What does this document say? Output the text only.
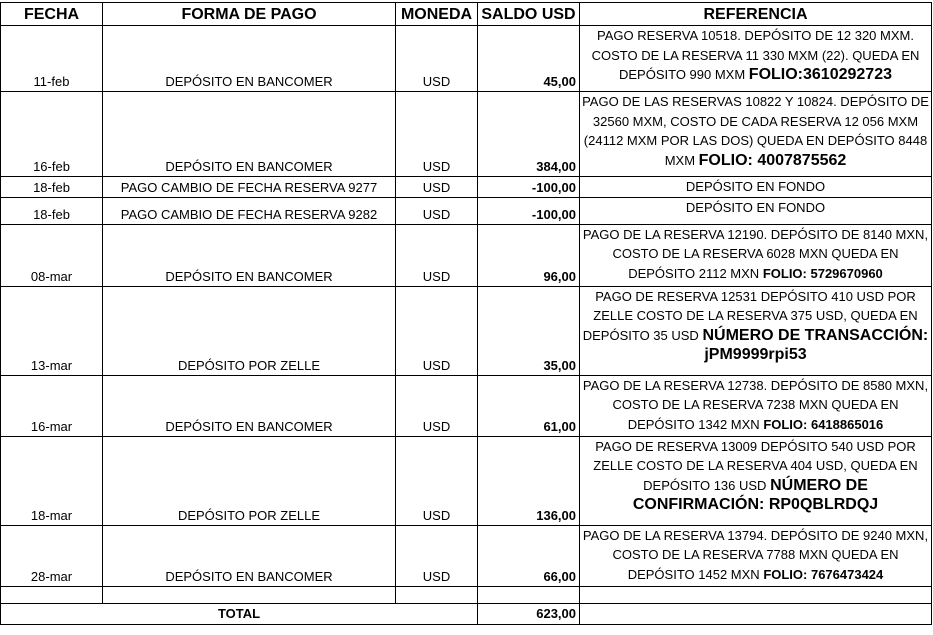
FECHA	FORMA DE PAGO	MONEDA	SALDO USD	REFERENCIA
11-feb	DEPÓSITO EN BANCOMER	USD	45,00	PAGO RESERVA 10518. DEPÓSITO DE 12 320 MXM. COSTO DE LA RESERVA 11 330 MXM (22). QUEDA EN DEPÓSITO 990 MXM FOLIO:3610292723
16-feb	DEPÓSITO EN BANCOMER	USD	384,00	PAGO DE LAS RESERVAS 10822 Y 10824. DEPÓSITO DE 32560 MXM, COSTO DE CADA RESERVA 12 056 MXM (24112 MXM POR LAS DOS) QUEDA EN DEPÓSITO 8448 MXM FOLIO: 4007875562
18-feb	PAGO CAMBIO DE FECHA RESERVA 9277	USD	-100,00	DEPÓSITO EN FONDO
18-feb	PAGO CAMBIO DE FECHA RESERVA 9282	USD	-100,00	DEPÓSITO EN FONDO
08-mar	DEPÓSITO EN BANCOMER	USD	96,00	PAGO DE LA RESERVA 12190. DEPÓSITO DE 8140 MXN, COSTO DE LA RESERVA 6028 MXN QUEDA EN DEPÓSITO 2112 MXN FOLIO: 5729670960
13-mar	DEPÓSITO POR ZELLE	USD	35,00	PAGO DE RESERVA 12531 DEPÓSITO 410 USD POR ZELLE COSTO DE LA RESERVA 375 USD, QUEDA EN DEPÓSITO 35 USD NÚMERO DE TRANSACCIÓN: jPM9999rpi53
16-mar	DEPÓSITO EN BANCOMER	USD	61,00	PAGO DE LA RESERVA 12738. DEPÓSITO DE 8580 MXN, COSTO DE LA RESERVA 7238 MXN QUEDA EN DEPÓSITO 1342 MXN FOLIO: 6418865016
18-mar	DEPÓSITO POR ZELLE	USD	136,00	PAGO DE RESERVA 13009 DEPÓSITO 540 USD POR ZELLE COSTO DE LA RESERVA 404 USD, QUEDA EN DEPÓSITO 136 USD NÚMERO DE CONFIRMACIÓN: RP0QBLRDQJ
28-mar	DEPÓSITO EN BANCOMER	USD	66,00	PAGO DE LA RESERVA 13794. DEPÓSITO DE 9240 MXN, COSTO DE LA RESERVA 7788 MXN QUEDA EN DEPÓSITO 1452 MXN FOLIO: 7676473424

TOTAL			623,00	
